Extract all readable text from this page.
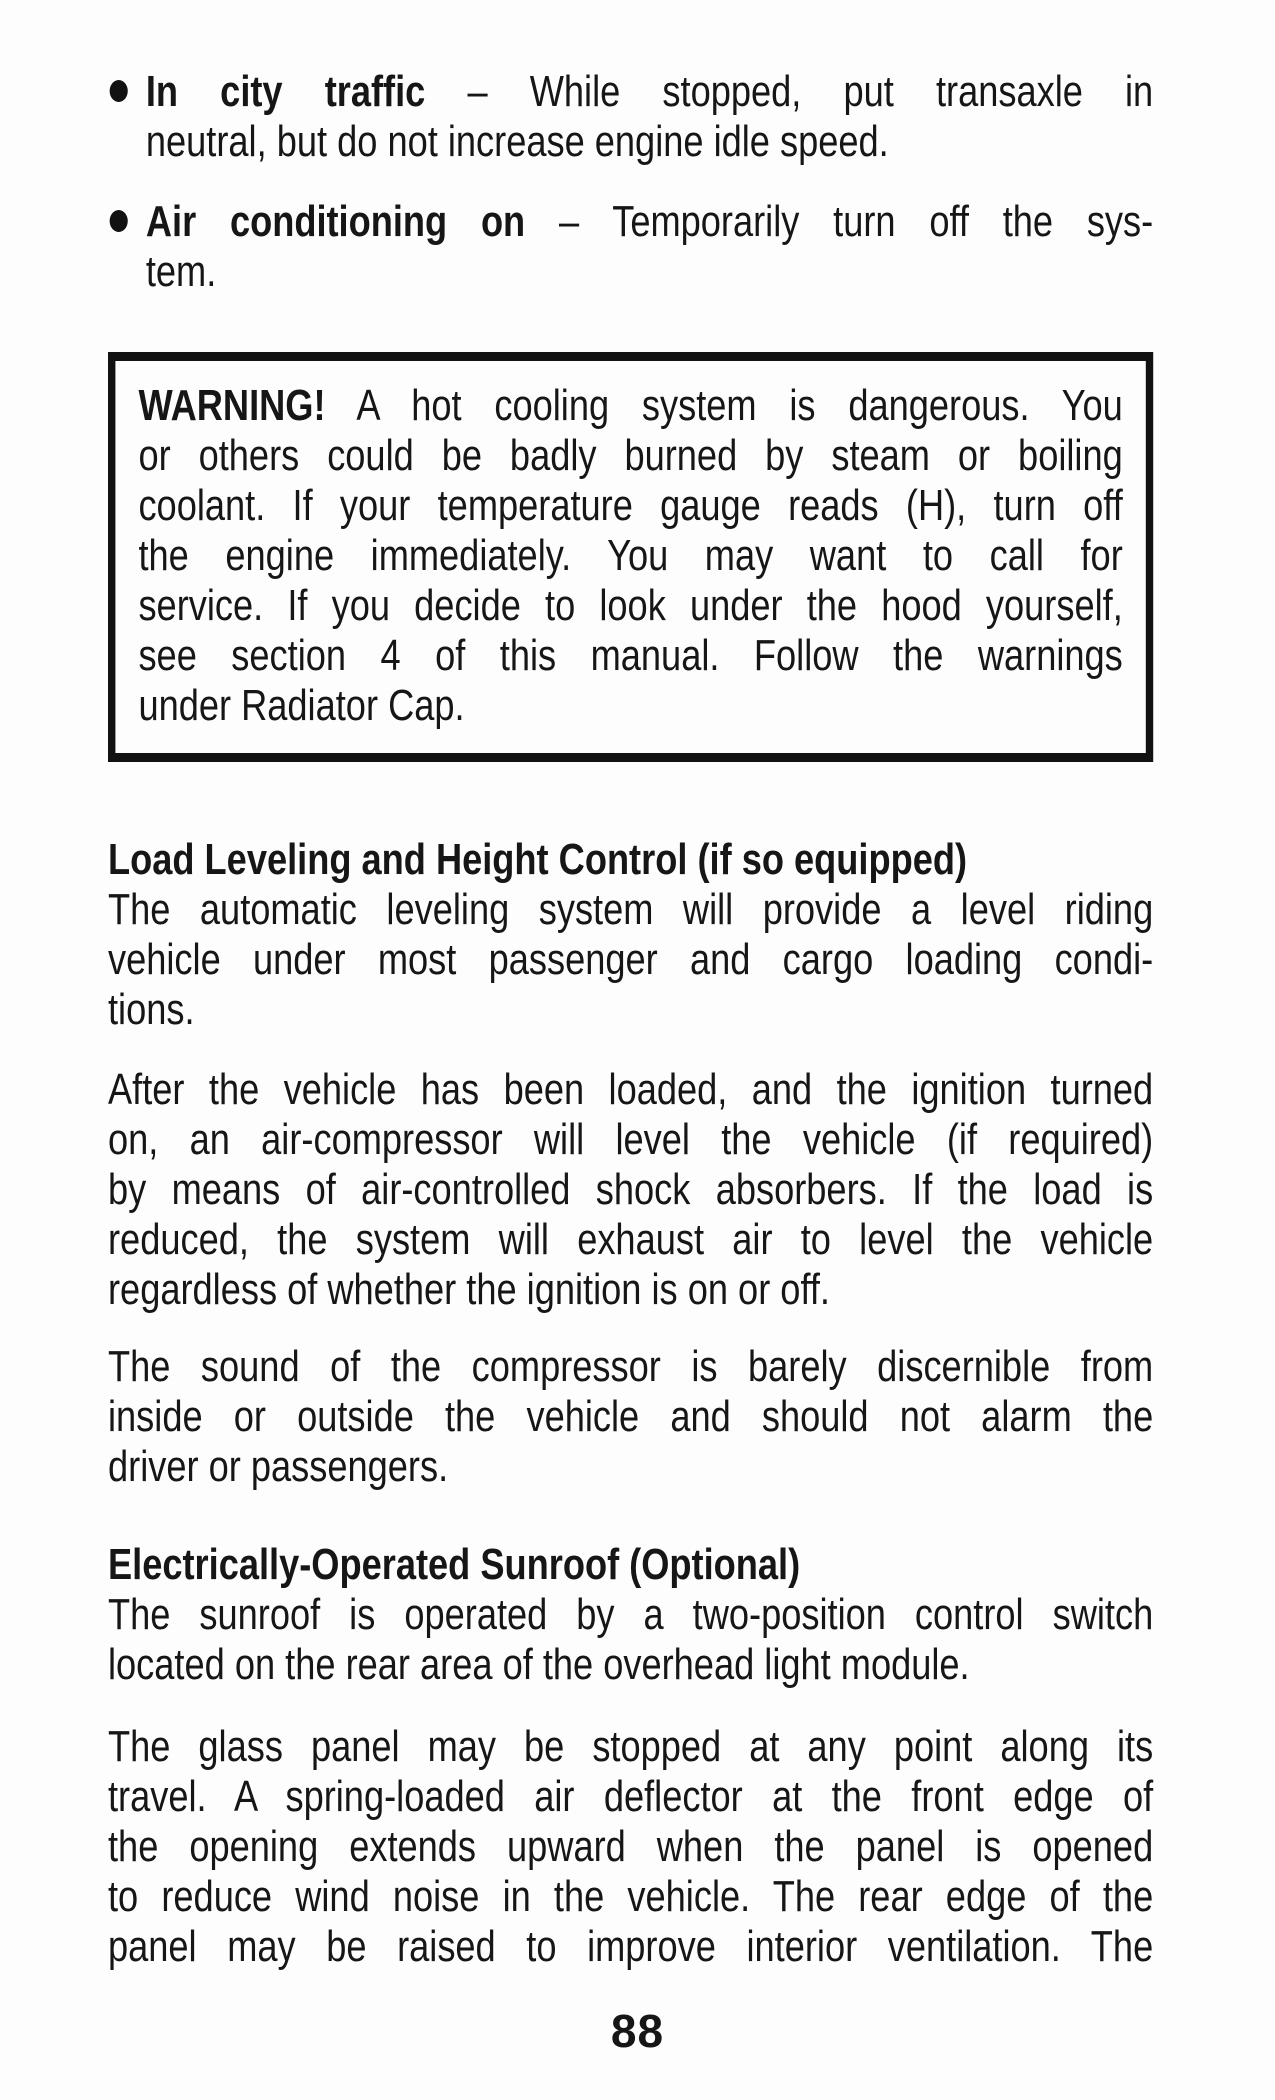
In city traffic – While stopped, put transaxle in
neutral, but do not increase engine idle speed.
Air conditioning on – Temporarily turn off the sys-
tem.
WARNING! A hot cooling system is dangerous. You
or others could be badly burned by steam or boiling
coolant. If your temperature gauge reads (H), turn off
the engine immediately. You may want to call for
service. If you decide to look under the hood yourself,
see section 4 of this manual. Follow the warnings
under Radiator Cap.
Load Leveling and Height Control (if so equipped)
The automatic leveling system will provide a level riding
vehicle under most passenger and cargo loading condi-
tions.
After the vehicle has been loaded, and the ignition turned
on, an air-compressor will level the vehicle (if required)
by means of air-controlled shock absorbers. If the load is
reduced, the system will exhaust air to level the vehicle
regardless of whether the ignition is on or off.
The sound of the compressor is barely discernible from
inside or outside the vehicle and should not alarm the
driver or passengers.
Electrically-Operated Sunroof (Optional)
The sunroof is operated by a two-position control switch
located on the rear area of the overhead light module.
The glass panel may be stopped at any point along its
travel. A spring-loaded air deflector at the front edge of
the opening extends upward when the panel is opened
to reduce wind noise in the vehicle. The rear edge of the
panel may be raised to improve interior ventilation. The
88
